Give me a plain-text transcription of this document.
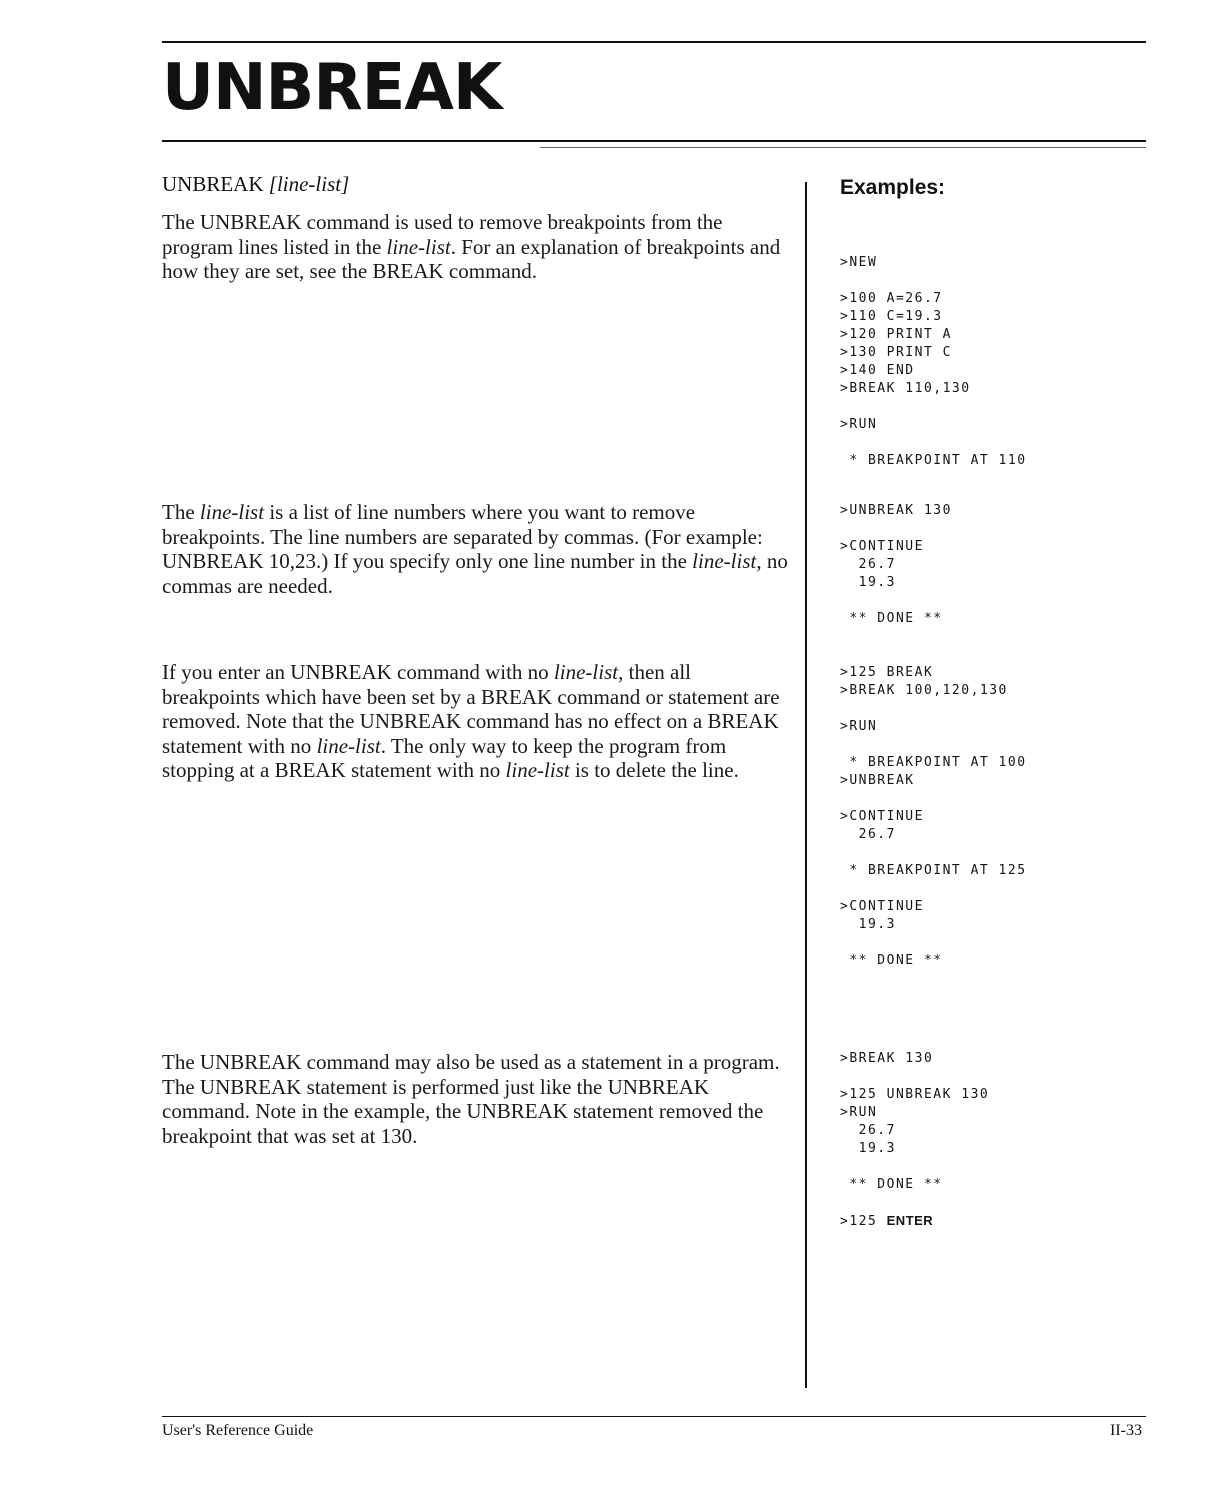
UNBREAK
UNBREAK [line-list]

The UNBREAK command is used to remove breakpoints from the program lines listed in the line-list. For an explanation of breakpoints and how they are set, see the BREAK command.

The line-list is a list of line numbers where you want to remove breakpoints. The line numbers are separated by commas. (For example: UNBREAK 10,23.) If you specify only one line number in the line-list, no commas are needed.

If you enter an UNBREAK command with no line-list, then all breakpoints which have been set by a BREAK command or statement are removed. Note that the UNBREAK command has no effect on a BREAK statement with no line-list. The only way to keep the program from stopping at a BREAK statement with no line-list is to delete the line.

The UNBREAK command may also be used as a statement in a program. The UNBREAK statement is performed just like the UNBREAK command. Note in the example, the UNBREAK statement removed the breakpoint that was set at 130.

Examples:
>NEW
>100 A=26.7
>110 C=19.3
>120 PRINT A
>130 PRINT C
>140 END
>BREAK 110,130
>RUN
* BREAKPOINT AT 110
>UNBREAK 130
>CONTINUE
26.7
19.3
** DONE **
>125 BREAK
>BREAK 100,120,130
>RUN
* BREAKPOINT AT 100
>UNBREAK
>CONTINUE
26.7
* BREAKPOINT AT 125
>CONTINUE
19.3
** DONE **
>BREAK 130
>125 UNBREAK 130
>RUN
26.7
19.3
** DONE **
>125 ENTER
User's Reference Guide	II-33
